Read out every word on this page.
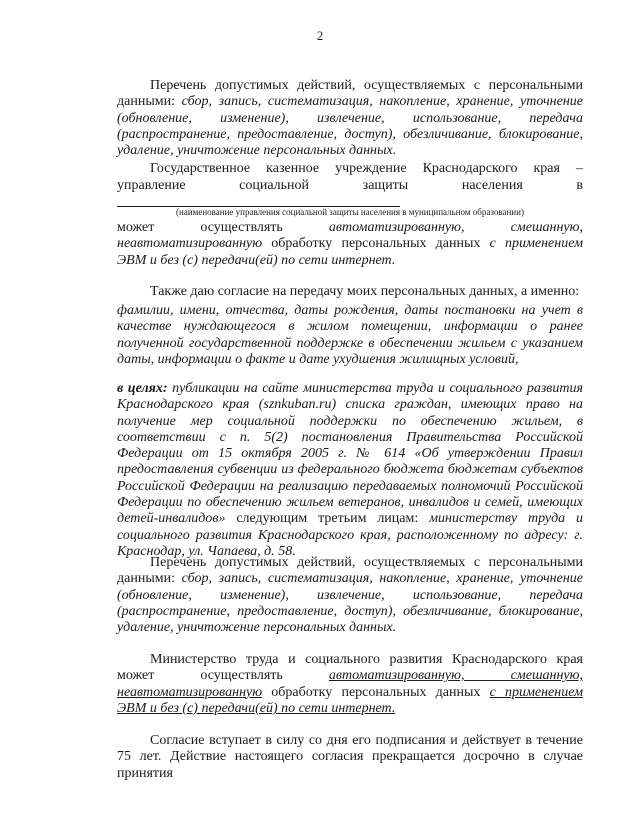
2

Перечень допустимых действий, осуществляемых с персональными данными: сбор, запись, систематизация, накопление, хранение, уточнение (обновление, изменение), извлечение, использование, передача (распространение, предоставление, доступ), обезличивание, блокирование, удаление, уничтожение персональных данных.

Государственное казенное учреждение Краснодарского края – управление социальной защиты населения в

(наименование управления социальной защиты населения в муниципальном образовании)

может осуществлять	автоматизированную, смешанную, неавтоматизированную обработку персональных данных с применением ЭВМ и без (с) передачи(ей) по сети интернет.

Также даю согласие на передачу моих персональных данных, а именно:

фамилии, имени, отчества, даты рождения, даты постановки на учет в качестве нуждающегося в жилом помещении, информации о ранее полученной государственной поддержке в обеспечении жильем с указанием даты, информации о факте и дате ухудшения жилищных условий,

в целях: публикации на сайте министерства труда и социального развития Краснодарского края (sznkuban.ru) списка граждан, имеющих право на получение мер социальной поддержки по обеспечению жильем, в соответствии с п. 5(2) постановления Правительства Российской Федерации от 15 октября 2005 г. № 614 «Об утверждении Правил предоставления субвенции из федерального бюджета бюджетам субъектов Российской Федерации на реализацию передаваемых полномочий Российской Федерации по обеспечению жильем ветеранов, инвалидов и семей, имеющих детей-инвалидов» следующим третьим лицам: министерству труда и социального развития Краснодарского края, расположенному по адресу: г. Краснодар, ул. Чапаева, д. 58.

Перечень допустимых действий, осуществляемых с персональными данными: сбор, запись, систематизация, накопление, хранение, уточнение (обновление, изменение), извлечение, использование, передача (распространение, предоставление, доступ), обезличивание, блокирование, удаление, уничтожение персональных данных.

Министерство труда и социального развития Краснодарского края может осуществлять	автоматизированную, смешанную, неавтоматизированную обработку персональных данных с применением ЭВМ и без (с) передачи(ей) по сети интернет.

Согласие вступает в силу со дня его подписания и действует в течение 75 лет. Действие настоящего согласия прекращается досрочно в случае принятия
